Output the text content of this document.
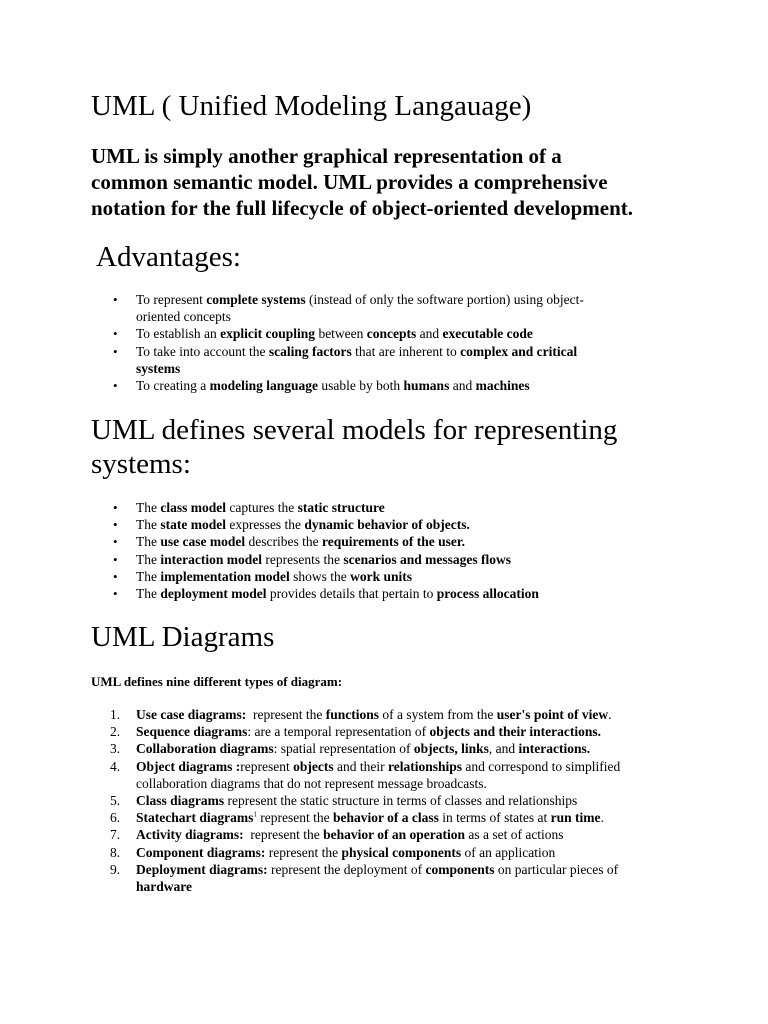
UML ( Unified Modeling Langauage)

UML is simply another graphical representation of a
common semantic model. UML provides a comprehensive
notation for the full lifecycle of object-oriented development.

Advantages:
• To represent complete systems (instead of only the software portion) using object-
oriented concepts
• To establish an explicit coupling between concepts and executable code
• To take into account the scaling factors that are inherent to complex and critical
systems
• To creating a modeling language usable by both humans and machines
UML defines several models for representing
systems:
• The class model captures the static structure
• The state model expresses the dynamic behavior of objects.
• The use case model describes the requirements of the user.
• The interaction model represents the scenarios and messages flows
• The implementation model shows the work units
• The deployment model provides details that pertain to process allocation
UML Diagrams

UML defines nine different types of diagram:

1.	Use case diagrams:  represent the functions of a system from the user's point of view.
2.	Sequence diagrams: are a temporal representation of objects and their interactions.
3.	Collaboration diagrams: spatial representation of objects, links, and interactions.
4.	Object diagrams :represent objects and their relationships and correspond to simplified
collaboration diagrams that do not represent message broadcasts.
5.	Class diagrams represent the static structure in terms of classes and relationships
6.	Statechart diagrams$^1$ represent the behavior of a class in terms of states at run time.
7.	Activity diagrams:  represent the behavior of an operation as a set of actions
8.	Component diagrams: represent the physical components of an application
9.	Deployment diagrams: represent the deployment of components on particular pieces of
hardware
